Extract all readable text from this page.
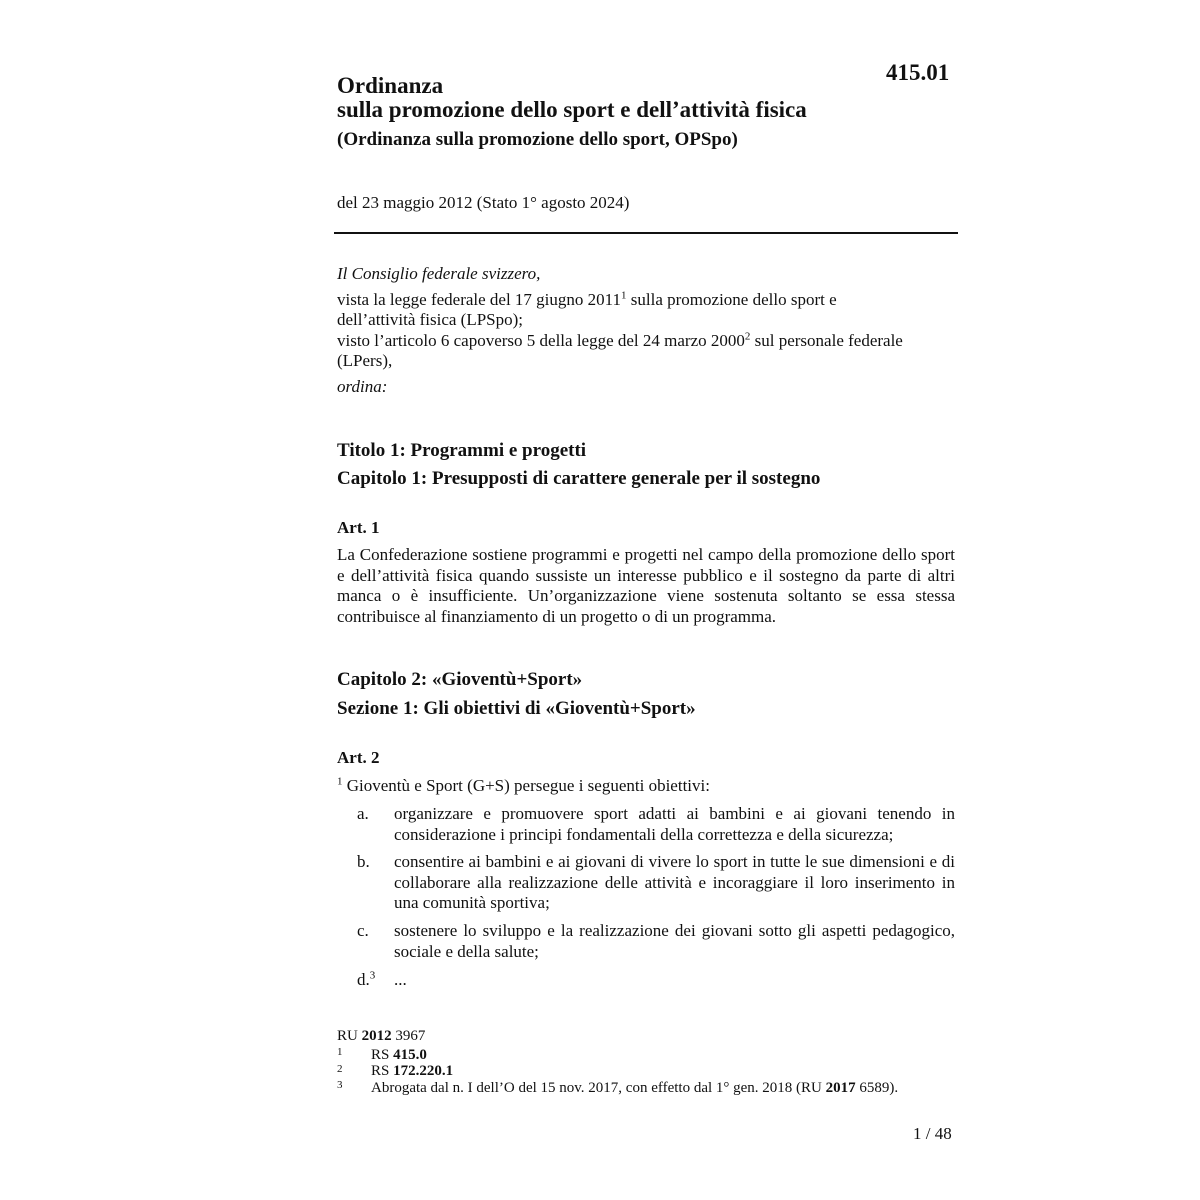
415.01
Ordinanza
sulla promozione dello sport e dell’attività fisica
(Ordinanza sulla promozione dello sport, OPSpo)
del 23 maggio 2012 (Stato 1° agosto 2024)
Il Consiglio federale svizzero,
vista la legge federale del 17 giugno 2011$^1$ sulla promozione dello sport e
dell’attività fisica (LPSpo);
visto l’articolo 6 capoverso 5 della legge del 24 marzo 2000$^2$ sul personale federale
(LPers),
ordina:
Titolo 1: Programmi e progetti
Capitolo 1: Presupposti di carattere generale per il sostegno
Art. 1
La Confederazione sostiene programmi e progetti nel campo della promozione dello sport e dell’attività fisica quando sussiste un interesse pubblico e il sostegno da parte di altri manca o è insufficiente. Un’organizzazione viene sostenuta soltanto se essa stessa contribuisce al finanziamento di un progetto o di un programma.
Capitolo 2: «Gioventù+Sport»
Sezione 1: Gli obiettivi di «Gioventù+Sport»
Art. 2
$^1$ Gioventù e Sport (G+S) persegue i seguenti obiettivi:
a. organizzare e promuovere sport adatti ai bambini e ai giovani tenendo in considerazione i principi fondamentali della correttezza e della sicurezza;
b. consentire ai bambini e ai giovani di vivere lo sport in tutte le sue dimensioni e di collaborare alla realizzazione delle attività e incoraggiare il loro inserimento in una comunità sportiva;
c. sostenere lo sviluppo e la realizzazione dei giovani sotto gli aspetti pedagogico, sociale e della salute;
d.$^3$ ...
RU 2012 3967
1 RS 415.0
2 RS 172.220.1
3 Abrogata dal n. I dell’O del 15 nov. 2017, con effetto dal 1° gen. 2018 (RU 2017 6589).
1 / 48
